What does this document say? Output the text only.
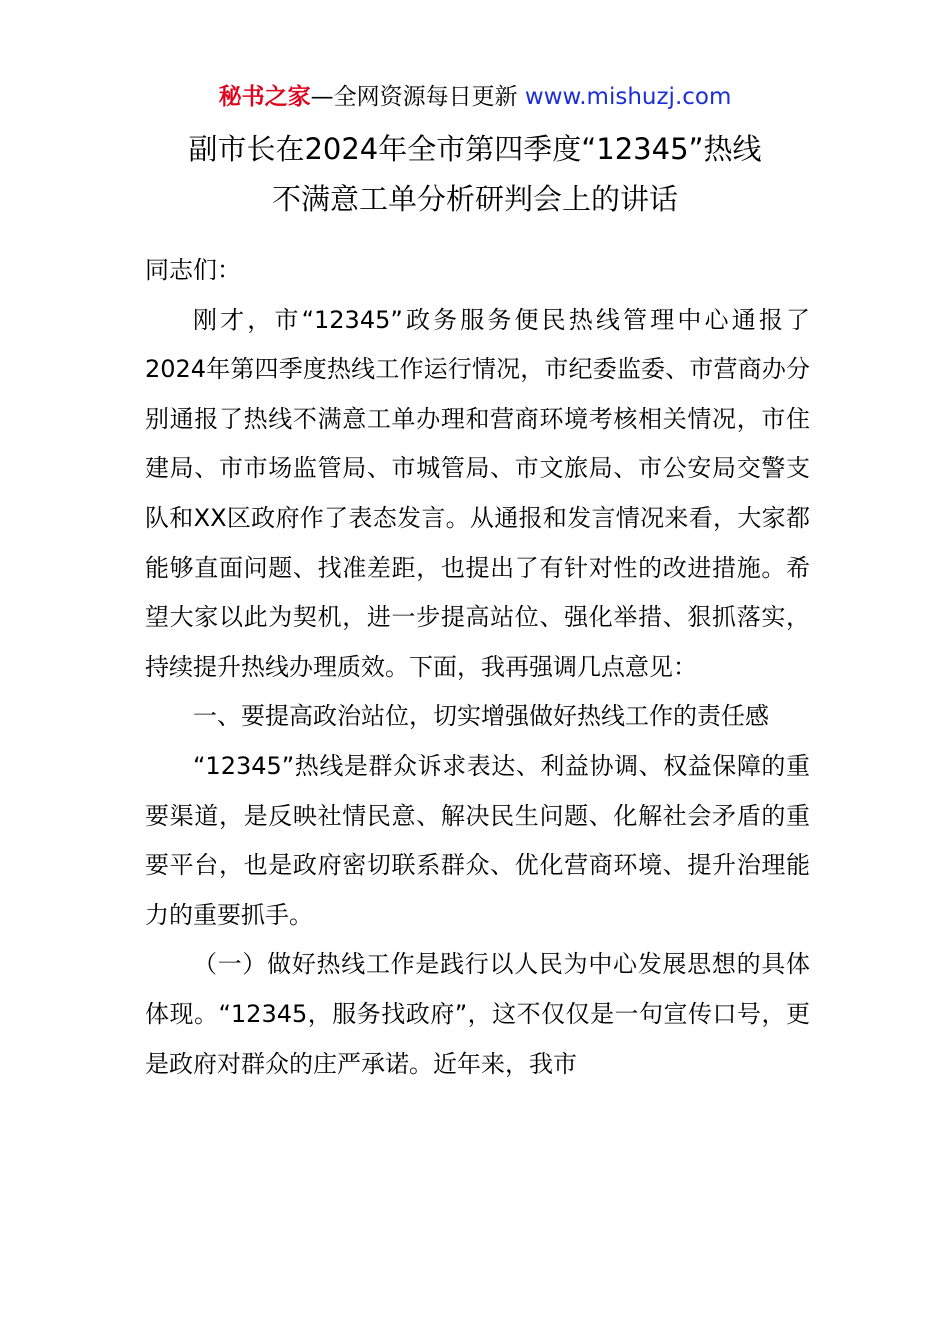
秘书之家—全网资源每日更新 www.mishuzj.com
副市长在2024年全市第四季度“12345”热线
不满意工单分析研判会上的讲话

同志们：

刚才，市“12345”政务服务便民热线管理中心通报了2024年第四季度热线工作运行情况，市纪委监委、市营商办分别通报了热线不满意工单办理和营商环境考核相关情况，市住建局、市市场监管局、市城管局、市文旅局、市公安局交警支队和XX区政府作了表态发言。从通报和发言情况来看，大家都能够直面问题、找准差距，也提出了有针对性的改进措施。希望大家以此为契机，进一步提高站位、强化举措、狠抓落实，持续提升热线办理质效。下面，我再强调几点意见：

一、要提高政治站位，切实增强做好热线工作的责任感

“12345”热线是群众诉求表达、利益协调、权益保障的重要渠道，是反映社情民意、解决民生问题、化解社会矛盾的重要平台，也是政府密切联系群众、优化营商环境、提升治理能力的重要抓手。

（一）做好热线工作是践行以人民为中心发展思想的具体体现。“12345，服务找政府”，这不仅仅是一句宣传口号，更是政府对群众的庄严承诺。近年来，我市
